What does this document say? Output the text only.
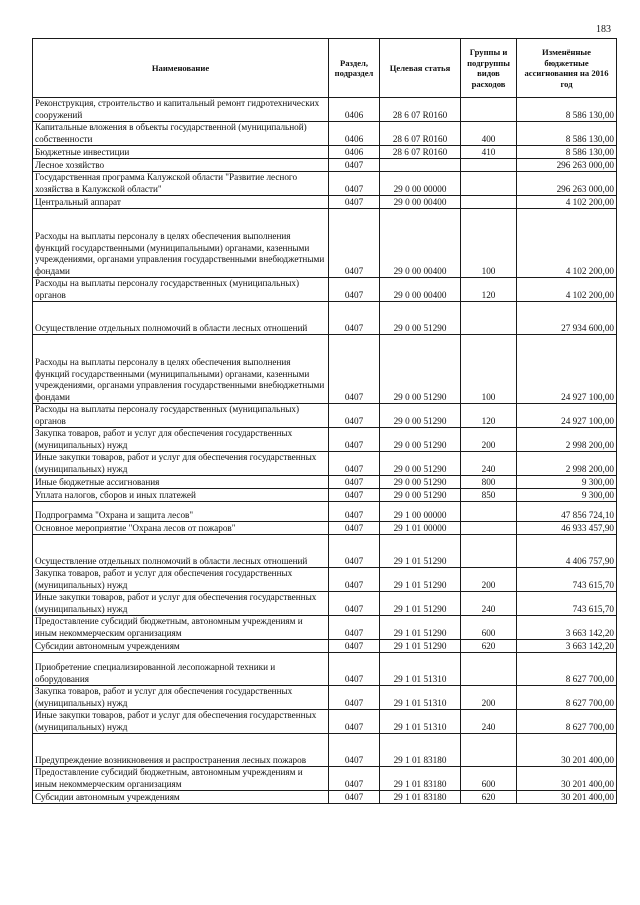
183
Наименование	Раздел, подраздел	Целевая статья	Группы и подгруппы видов расходов	Изменённые бюджетные ассигнования на 2016 год
Реконструкция, строительство и капитальный ремонт гидротехнических сооружений	0406	28 6 07 R0160		8 586 130,00
Капитальные вложения в объекты государственной (муниципальной) собственности	0406	28 6 07 R0160	400	8 586 130,00
Бюджетные инвестиции	0406	28 6 07 R0160	410	8 586 130,00
Лесное хозяйство	0407			296 263 000,00
Государственная программа Калужской области "Развитие лесного хозяйства в Калужской области"	0407	29 0 00 00000		296 263 000,00
Центральный аппарат	0407	29 0 00 00400		4 102 200,00
Расходы на выплаты персоналу в целях обеспечения выполнения функций государственными (муниципальными) органами, казенными учреждениями, органами управления государственными внебюджетными фондами	0407	29 0 00 00400	100	4 102 200,00
Расходы на выплаты персоналу государственных (муниципальных) органов	0407	29 0 00 00400	120	4 102 200,00
Осуществление отдельных полномочий в области лесных отношений	0407	29 0 00 51290		27 934 600,00
Расходы на выплаты персоналу в целях обеспечения выполнения функций государственными (муниципальными) органами, казенными учреждениями, органами управления государственными внебюджетными фондами	0407	29 0 00 51290	100	24 927 100,00
Расходы на выплаты персоналу государственных (муниципальных) органов	0407	29 0 00 51290	120	24 927 100,00
Закупка товаров, работ и услуг для обеспечения государственных (муниципальных) нужд	0407	29 0 00 51290	200	2 998 200,00
Иные закупки товаров, работ и услуг для обеспечения государственных (муниципальных) нужд	0407	29 0 00 51290	240	2 998 200,00
Иные бюджетные ассигнования	0407	29 0 00 51290	800	9 300,00
Уплата налогов, сборов и иных платежей	0407	29 0 00 51290	850	9 300,00
Подпрограмма "Охрана и защита лесов"	0407	29 1 00 00000		47 856 724,10
Основное мероприятие "Охрана лесов от пожаров"	0407	29 1 01 00000		46 933 457,90
Осуществление отдельных полномочий в области лесных отношений	0407	29 1 01 51290		4 406 757,90
Закупка товаров, работ и услуг для обеспечения государственных (муниципальных) нужд	0407	29 1 01 51290	200	743 615,70
Иные закупки товаров, работ и услуг для обеспечения государственных (муниципальных) нужд	0407	29 1 01 51290	240	743 615,70
Предоставление субсидий бюджетным, автономным учреждениям и иным некоммерческим организациям	0407	29 1 01 51290	600	3 663 142,20
Субсидии автономным учреждениям	0407	29 1 01 51290	620	3 663 142,20
Приобретение специализированной лесопожарной техники и оборудования	0407	29 1 01 51310		8 627 700,00
Закупка товаров, работ и услуг для обеспечения государственных (муниципальных) нужд	0407	29 1 01 51310	200	8 627 700,00
Иные закупки товаров, работ и услуг для обеспечения государственных (муниципальных) нужд	0407	29 1 01 51310	240	8 627 700,00
Предупреждение возникновения и распространения лесных пожаров	0407	29 1 01 83180		30 201 400,00
Предоставление субсидий бюджетным, автономным учреждениям и иным некоммерческим организациям	0407	29 1 01 83180	600	30 201 400,00
Субсидии автономным учреждениям	0407	29 1 01 83180	620	30 201 400,00
